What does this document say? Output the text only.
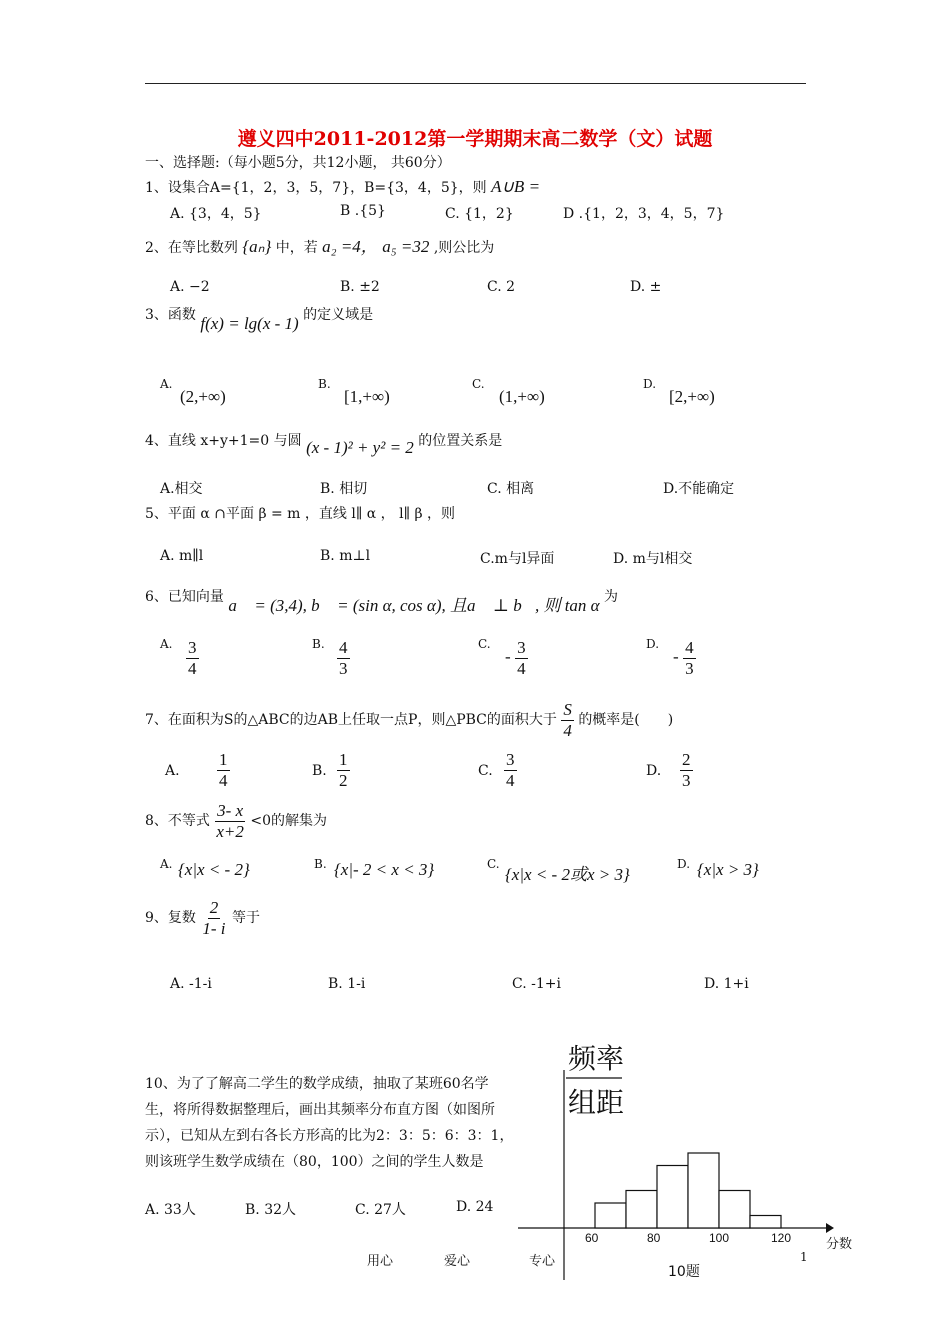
遵义四中2011-2012第一学期期末高二数学（文）试题
一、选择题:（每小题5分，共12小题， 共60分）
1、设集合A={1，2，3，5，7}，B={3，4，5}，则 A∪B =
A. {3，4，5}	B .{5}	C. {1，2}	D .{1，2，3，4，5，7}
2、在等比数列 {aₙ} 中，若 a₂ =4， a₅ =32 ,则公比为
A. −2	B. ±2	C. 2	D. ±
3、函数 f(x) = lg(x - 1) 的定义域是
A.
(2,+∞)
B.
[1,+∞)
C.
(1,+∞)
D.
[2,+∞)
4、直线 x+y+1=0 与圆 (x - 1)² + y² = 2 的位置关系是
A.相交	B. 相切	C. 相离	D.不能确定
5、平面 α ∩平面 β = m ，直线 l∥ α ， l∥ β ，则
A. m∥l	B. m⊥l	C.m与l异面	D. m与l相交
6、已知向量 a⃗ = (3,4), b⃗ = (sin α, cos α), 且a⃗ ⊥ b⃗, 则 tan α 为
A. $\frac{3}{4}$	B. $\frac{4}{3}$	C.
- $\frac{3}{4}$	D.
- $\frac{4}{3}$
7、在面积为S的△ABC的边AB上任取一点P，则△PBC的面积大于 $\frac{S}{4}$ 的概率是(　　)
A. $\frac{1}{4}$	B. $\frac{1}{2}$	C. $\frac{3}{4}$	D. $\frac{2}{3}$
8、不等式 $\frac{3- x}{x+2} <0$的解集为
A. {x|x < - 2}	B. {x|- 2 < x < 3}	C.
{x|x < - 2或x > 3}
D. {x|x > 3}
9、复数 $\frac{2}{1- i}$ 等于
A. -1-i	B. 1-i	C. -1+i	D. 1+i
10、为了了解高二学生的数学成绩，抽取了某班60名学生，将所得数据整理后，画出其频率分布直方图（如图所示），已知从左到右各长方形高的比为2：3：5：6：3：1，则该班学生数学成绩在（80，100）之间的学生人数是
A. 33人	B. 32人	C. 27人	D. 24
频率
组距
60	80	100	120	分数
10题
用心	爱心	专心	1
